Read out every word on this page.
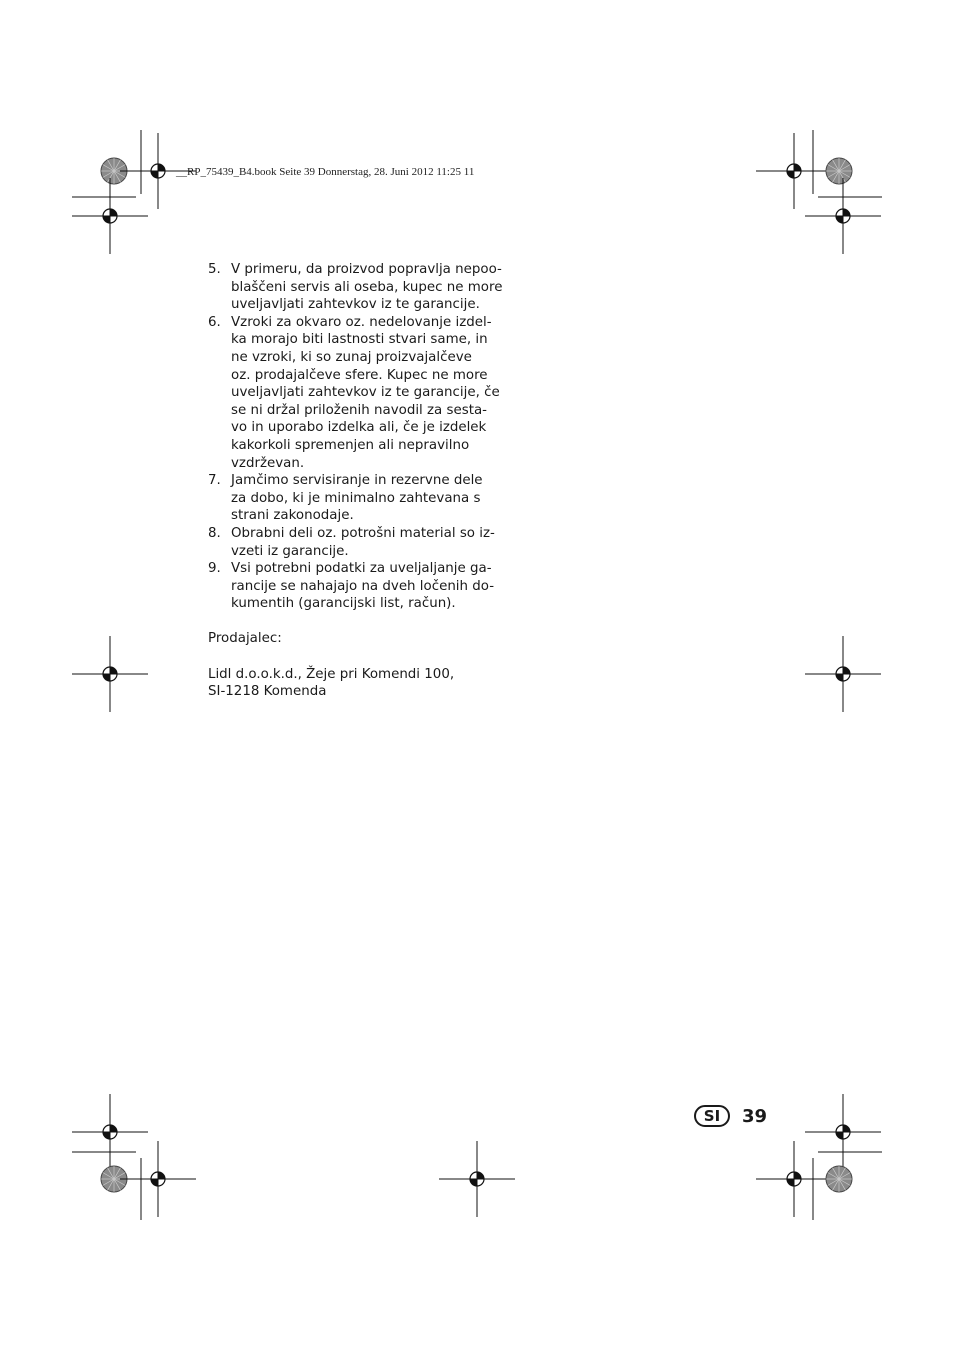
__RP_75439_B4.book Seite 39 Donnerstag, 28. Juni 2012 11:25 11
5. V primeru, da proizvod popravlja nepoo-
blaščeni servis ali oseba, kupec ne more
uveljavljati zahtevkov iz te garancije.
6. Vzroki za okvaro oz. nedelovanje izdel-
ka morajo biti lastnosti stvari same, in
ne vzroki, ki so zunaj proizvajalčeve
oz. prodajalčeve sfere. Kupec ne more
uveljavljati zahtevkov iz te garancije, če
se ni držal priloženih navodil za sesta-
vo in uporabo izdelka ali, če je izdelek
kakorkoli spremenjen ali nepravilno
vzdrževan.
7. Jamčimo servisiranje in rezervne dele
za dobo, ki je minimalno zahtevana s
strani zakonodaje.
8. Obrabni deli oz. potrošni material so iz-
vzeti iz garancije.
9. Vsi potrebni podatki za uveljaljanje ga-
rancije se nahajajo na dveh ločenih do-
kumentih (garancijski list, račun).
Prodajalec:
Lidl d.o.o.k.d., Žeje pri Komendi 100,
SI-1218 Komenda
SI	39
